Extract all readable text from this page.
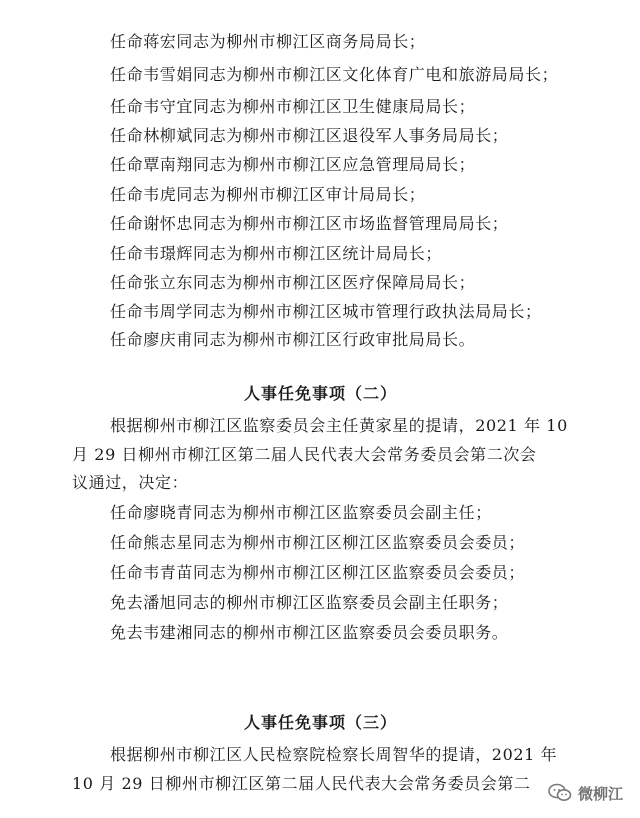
任命蒋宏同志为柳州市柳江区商务局局长；
任命韦雪娟同志为柳州市柳江区文化体育广电和旅游局局长；
任命韦守宜同志为柳州市柳江区卫生健康局局长；
任命林柳斌同志为柳州市柳江区退役军人事务局局长；
任命覃南翔同志为柳州市柳江区应急管理局局长；
任命韦虎同志为柳州市柳江区审计局局长；
任命谢怀忠同志为柳州市柳江区市场监督管理局局长；
任命韦璟辉同志为柳州市柳江区统计局局长；
任命张立东同志为柳州市柳江区医疗保障局局长；
任命韦周学同志为柳州市柳江区城市管理行政执法局局长；
任命廖庆甫同志为柳州市柳江区行政审批局局长。
人事任免事项（二）
根据柳州市柳江区监察委员会主任黄家星的提请，2021 年 10
月 29 日柳州市柳江区第二届人民代表大会常务委员会第二次会
议通过，决定：
任命廖晓青同志为柳州市柳江区监察委员会副主任；
任命熊志星同志为柳州市柳江区柳江区监察委员会委员；
任命韦青苗同志为柳州市柳江区柳江区监察委员会委员；
免去潘旭同志的柳州市柳江区监察委员会副主任职务；
免去韦建湘同志的柳州市柳江区监察委员会委员职务。
人事任免事项（三）
根据柳州市柳江区人民检察院检察长周智华的提请，2021 年
10 月 29 日柳州市柳江区第二届人民代表大会常务委员会第二
微柳江
